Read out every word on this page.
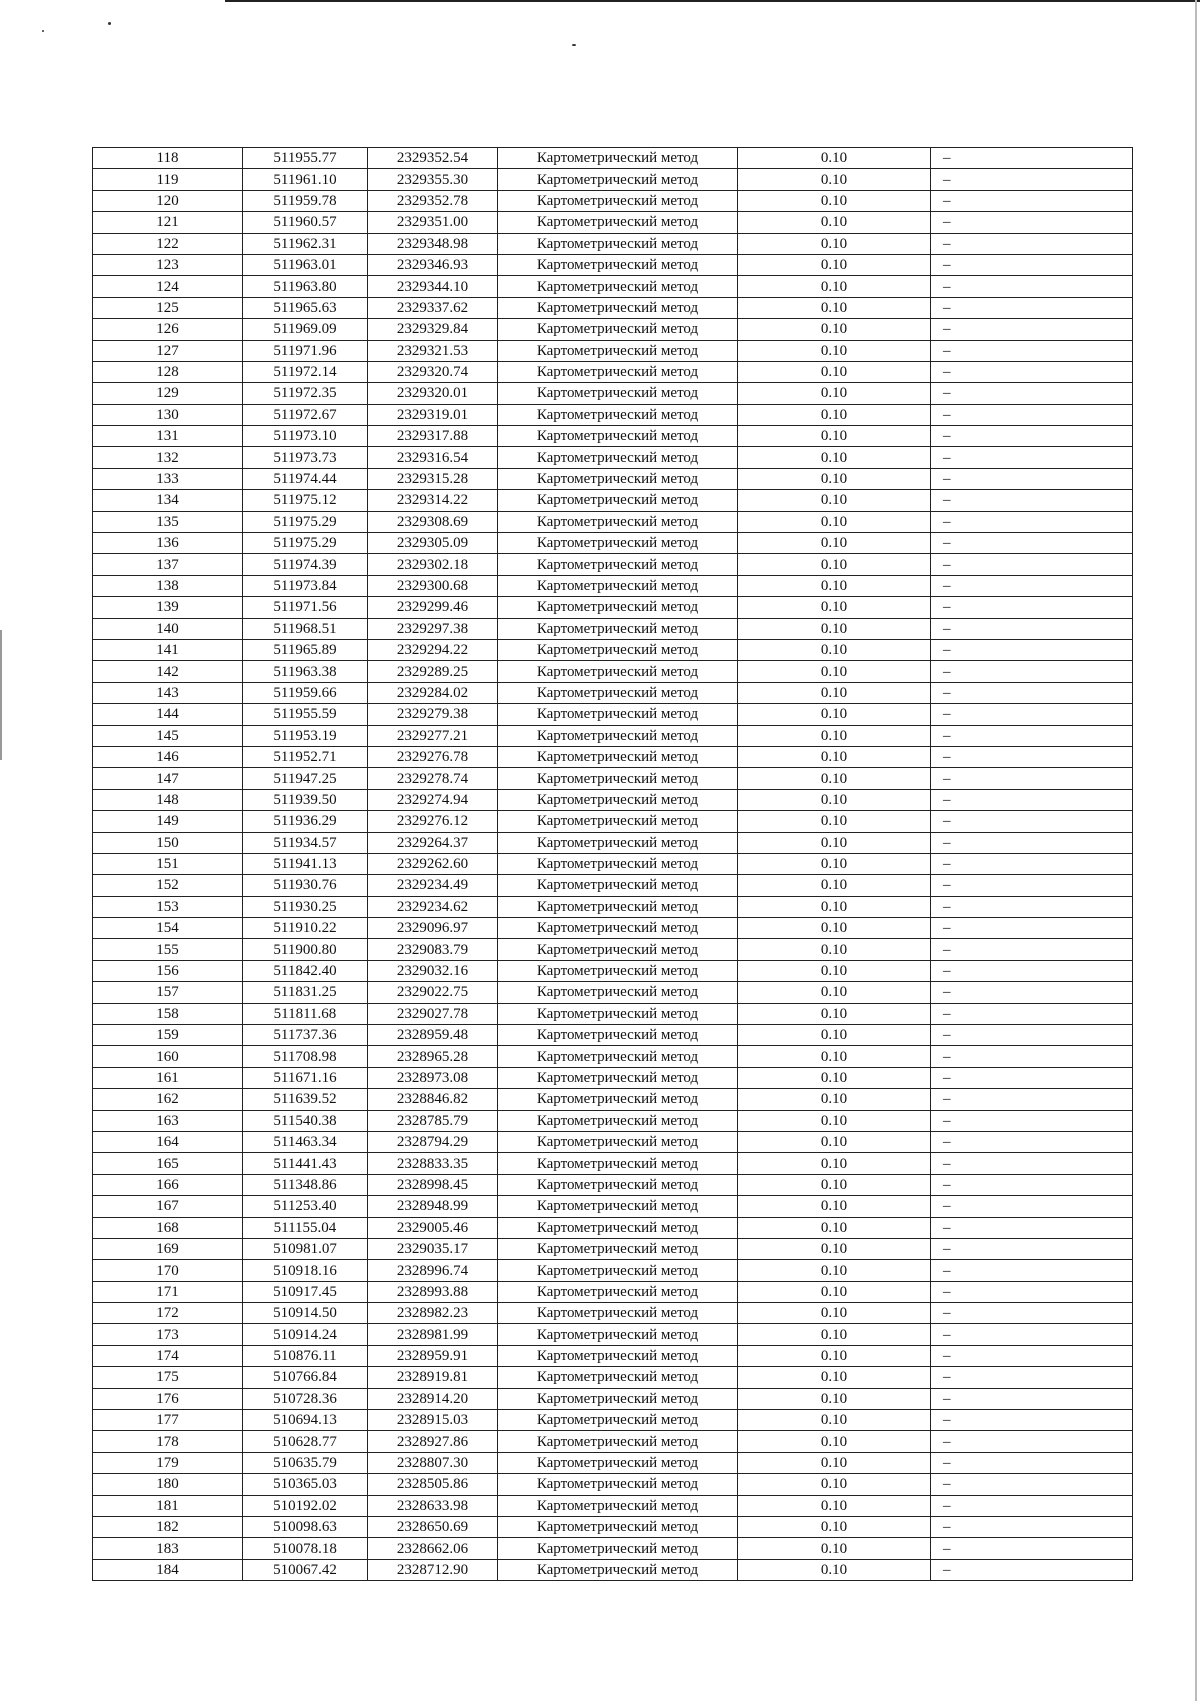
118	511955.77	2329352.54	Картометрический метод	0.10	–
119	511961.10	2329355.30	Картометрический метод	0.10	–
120	511959.78	2329352.78	Картометрический метод	0.10	–
121	511960.57	2329351.00	Картометрический метод	0.10	–
122	511962.31	2329348.98	Картометрический метод	0.10	–
123	511963.01	2329346.93	Картометрический метод	0.10	–
124	511963.80	2329344.10	Картометрический метод	0.10	–
125	511965.63	2329337.62	Картометрический метод	0.10	–
126	511969.09	2329329.84	Картометрический метод	0.10	–
127	511971.96	2329321.53	Картометрический метод	0.10	–
128	511972.14	2329320.74	Картометрический метод	0.10	–
129	511972.35	2329320.01	Картометрический метод	0.10	–
130	511972.67	2329319.01	Картометрический метод	0.10	–
131	511973.10	2329317.88	Картометрический метод	0.10	–
132	511973.73	2329316.54	Картометрический метод	0.10	–
133	511974.44	2329315.28	Картометрический метод	0.10	–
134	511975.12	2329314.22	Картометрический метод	0.10	–
135	511975.29	2329308.69	Картометрический метод	0.10	–
136	511975.29	2329305.09	Картометрический метод	0.10	–
137	511974.39	2329302.18	Картометрический метод	0.10	–
138	511973.84	2329300.68	Картометрический метод	0.10	–
139	511971.56	2329299.46	Картометрический метод	0.10	–
140	511968.51	2329297.38	Картометрический метод	0.10	–
141	511965.89	2329294.22	Картометрический метод	0.10	–
142	511963.38	2329289.25	Картометрический метод	0.10	–
143	511959.66	2329284.02	Картометрический метод	0.10	–
144	511955.59	2329279.38	Картометрический метод	0.10	–
145	511953.19	2329277.21	Картометрический метод	0.10	–
146	511952.71	2329276.78	Картометрический метод	0.10	–
147	511947.25	2329278.74	Картометрический метод	0.10	–
148	511939.50	2329274.94	Картометрический метод	0.10	–
149	511936.29	2329276.12	Картометрический метод	0.10	–
150	511934.57	2329264.37	Картометрический метод	0.10	–
151	511941.13	2329262.60	Картометрический метод	0.10	–
152	511930.76	2329234.49	Картометрический метод	0.10	–
153	511930.25	2329234.62	Картометрический метод	0.10	–
154	511910.22	2329096.97	Картометрический метод	0.10	–
155	511900.80	2329083.79	Картометрический метод	0.10	–
156	511842.40	2329032.16	Картометрический метод	0.10	–
157	511831.25	2329022.75	Картометрический метод	0.10	–
158	511811.68	2329027.78	Картометрический метод	0.10	–
159	511737.36	2328959.48	Картометрический метод	0.10	–
160	511708.98	2328965.28	Картометрический метод	0.10	–
161	511671.16	2328973.08	Картометрический метод	0.10	–
162	511639.52	2328846.82	Картометрический метод	0.10	–
163	511540.38	2328785.79	Картометрический метод	0.10	–
164	511463.34	2328794.29	Картометрический метод	0.10	–
165	511441.43	2328833.35	Картометрический метод	0.10	–
166	511348.86	2328998.45	Картометрический метод	0.10	–
167	511253.40	2328948.99	Картометрический метод	0.10	–
168	511155.04	2329005.46	Картометрический метод	0.10	–
169	510981.07	2329035.17	Картометрический метод	0.10	–
170	510918.16	2328996.74	Картометрический метод	0.10	–
171	510917.45	2328993.88	Картометрический метод	0.10	–
172	510914.50	2328982.23	Картометрический метод	0.10	–
173	510914.24	2328981.99	Картометрический метод	0.10	–
174	510876.11	2328959.91	Картометрический метод	0.10	–
175	510766.84	2328919.81	Картометрический метод	0.10	–
176	510728.36	2328914.20	Картометрический метод	0.10	–
177	510694.13	2328915.03	Картометрический метод	0.10	–
178	510628.77	2328927.86	Картометрический метод	0.10	–
179	510635.79	2328807.30	Картометрический метод	0.10	–
180	510365.03	2328505.86	Картометрический метод	0.10	–
181	510192.02	2328633.98	Картометрический метод	0.10	–
182	510098.63	2328650.69	Картометрический метод	0.10	–
183	510078.18	2328662.06	Картометрический метод	0.10	–
184	510067.42	2328712.90	Картометрический метод	0.10	–
